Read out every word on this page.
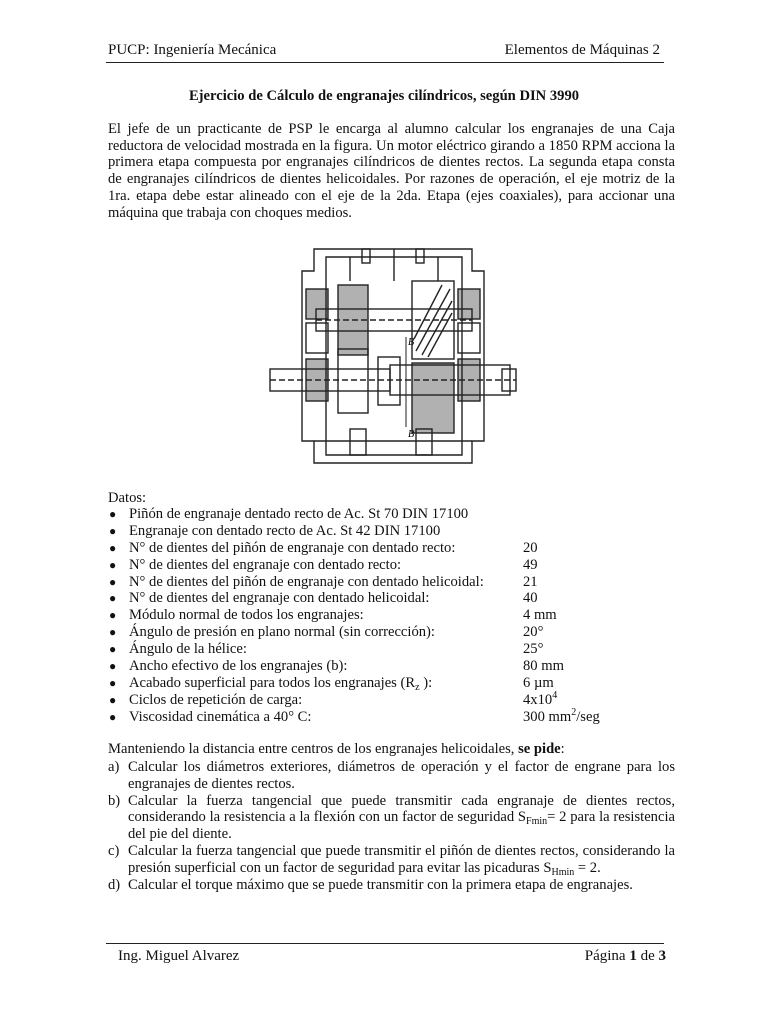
PUCP: Ingeniería Mecánica	Elementos de Máquinas 2
Ejercicio de Cálculo de engranajes cilíndricos, según DIN 3990
El jefe de un practicante de PSP le encarga al alumno calcular los engranajes de una Caja reductora de velocidad mostrada en la figura. Un motor eléctrico girando a 1850 RPM acciona la primera etapa compuesta por engranajes cilíndricos de dientes rectos. La segunda etapa consta de engranajes cilíndricos de dientes helicoidales. Por razones de operación, el eje motriz de la 1ra. etapa debe estar alineado con el eje de la 2da. Etapa (ejes coaxiales), para accionar una máquina que trabaja con choques medios.
B
B
Datos:
● Piñón de engranaje dentado recto de Ac. St 70 DIN 17100
● Engranaje con dentado recto de Ac. St 42 DIN 17100
● N° de dientes del piñón de engranaje con dentado recto:	20
● N° de dientes del engranaje con dentado recto:	49
● N° de dientes del piñón de engranaje con dentado helicoidal:	21
● N° de dientes del engranaje con dentado helicoidal:	40
● Módulo normal de todos los engranajes:	4 mm
● Ángulo de presión en plano normal (sin corrección):	20°
● Ángulo de la hélice:	25°
● Ancho efectivo de los engranajes (b):	80 mm
● Acabado superficial para todos los engranajes ($R_z$ ):	6 µm
● Ciclos de repetición de carga:	$4x10^4$
● Viscosidad cinemática a 40° C:	300 $mm^2$/seg
Manteniendo la distancia entre centros de los engranajes helicoidales, se pide:
a) Calcular los diámetros exteriores, diámetros de operación y el factor de engrane para los engranajes de dientes rectos.
b) Calcular la fuerza tangencial que puede transmitir cada engranaje de dientes rectos, considerando la resistencia a la flexión con un factor de seguridad $S_{Fmin}= 2$ para la resistencia del pie del diente.
c) Calcular la fuerza tangencial que puede transmitir el piñón de dientes rectos, considerando la presión superficial con un factor de seguridad para evitar las picaduras $S_{Hmin} = 2$.
d) Calcular el torque máximo que se puede transmitir con la primera etapa de engranajes.
Ing. Miguel Alvarez	Página 1 de 3
